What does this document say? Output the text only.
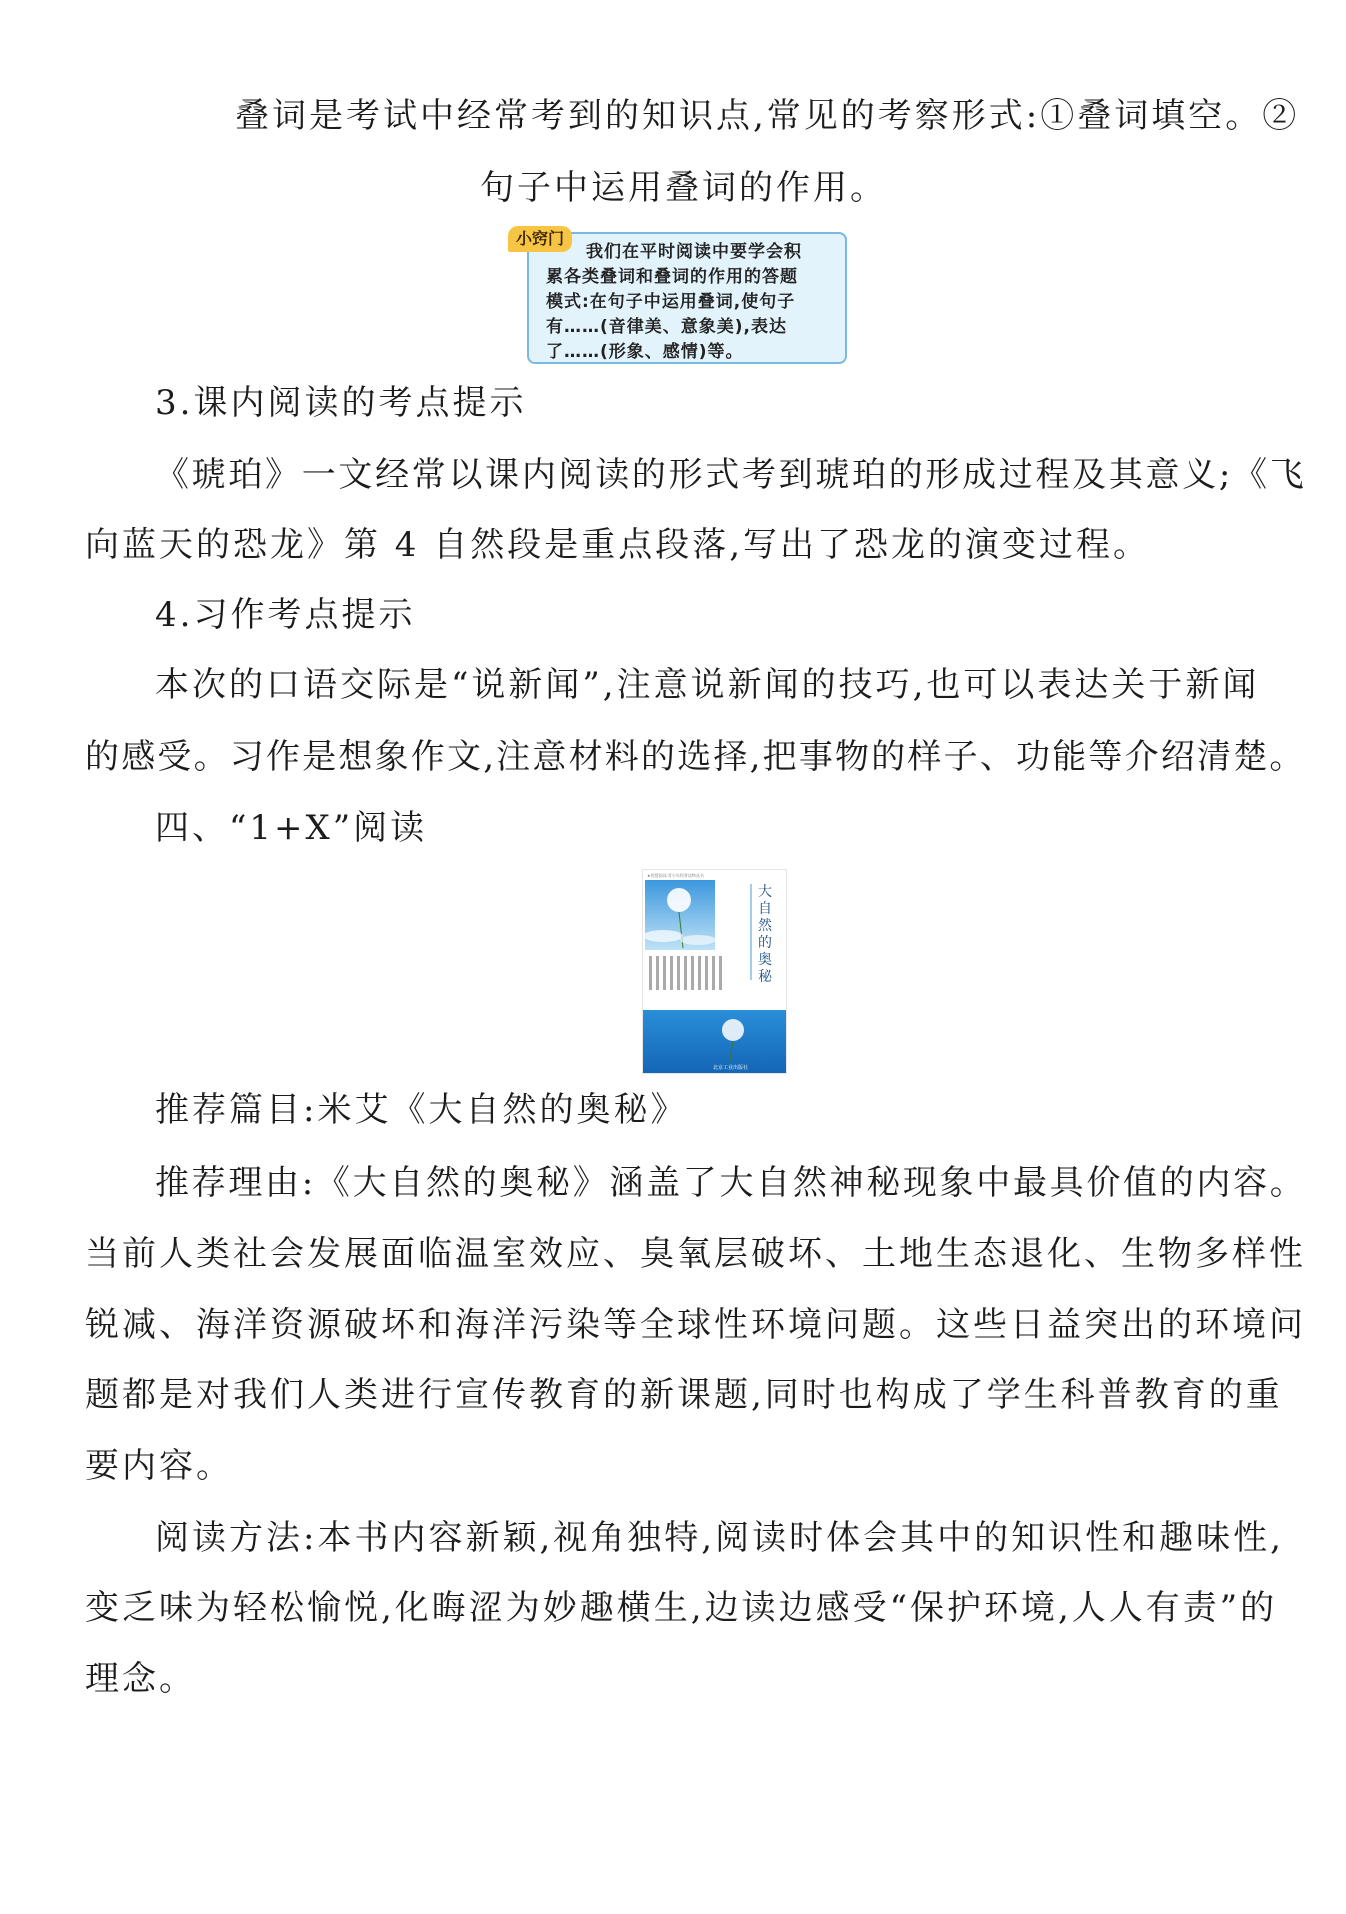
叠词是考试中经常考到的知识点,常见的考察形式:①叠词填空。②
句子中运用叠词的作用。
小窍门
我们在平时阅读中要学会积
累各类叠词和叠词的作用的答题
模式:在句子中运用叠词,使句子
有……(音律美、意象美),表达
了……(形象、感情)等。
3.课内阅读的考点提示
《琥珀》一文经常以课内阅读的形式考到琥珀的形成过程及其意义;《飞
向蓝天的恐龙》第 4 自然段是重点段落,写出了恐龙的演变过程。
4.习作考点提示
本次的口语交际是“说新闻”,注意说新闻的技巧,也可以表达关于新闻
的感受。习作是想象作文,注意材料的选择,把事物的样子、功能等介绍清楚。
四、“1+X”阅读
★智慧阅读·青少年科普读物丛书
大
自
然
的
奥
秘
北京工业出版社
推荐篇目:米艾《大自然的奥秘》
推荐理由:《大自然的奥秘》涵盖了大自然神秘现象中最具价值的内容。
当前人类社会发展面临温室效应、臭氧层破坏、土地生态退化、生物多样性
锐减、海洋资源破坏和海洋污染等全球性环境问题。这些日益突出的环境问
题都是对我们人类进行宣传教育的新课题,同时也构成了学生科普教育的重
要内容。
阅读方法:本书内容新颖,视角独特,阅读时体会其中的知识性和趣味性,
变乏味为轻松愉悦,化晦涩为妙趣横生,边读边感受“保护环境,人人有责”的
理念。
